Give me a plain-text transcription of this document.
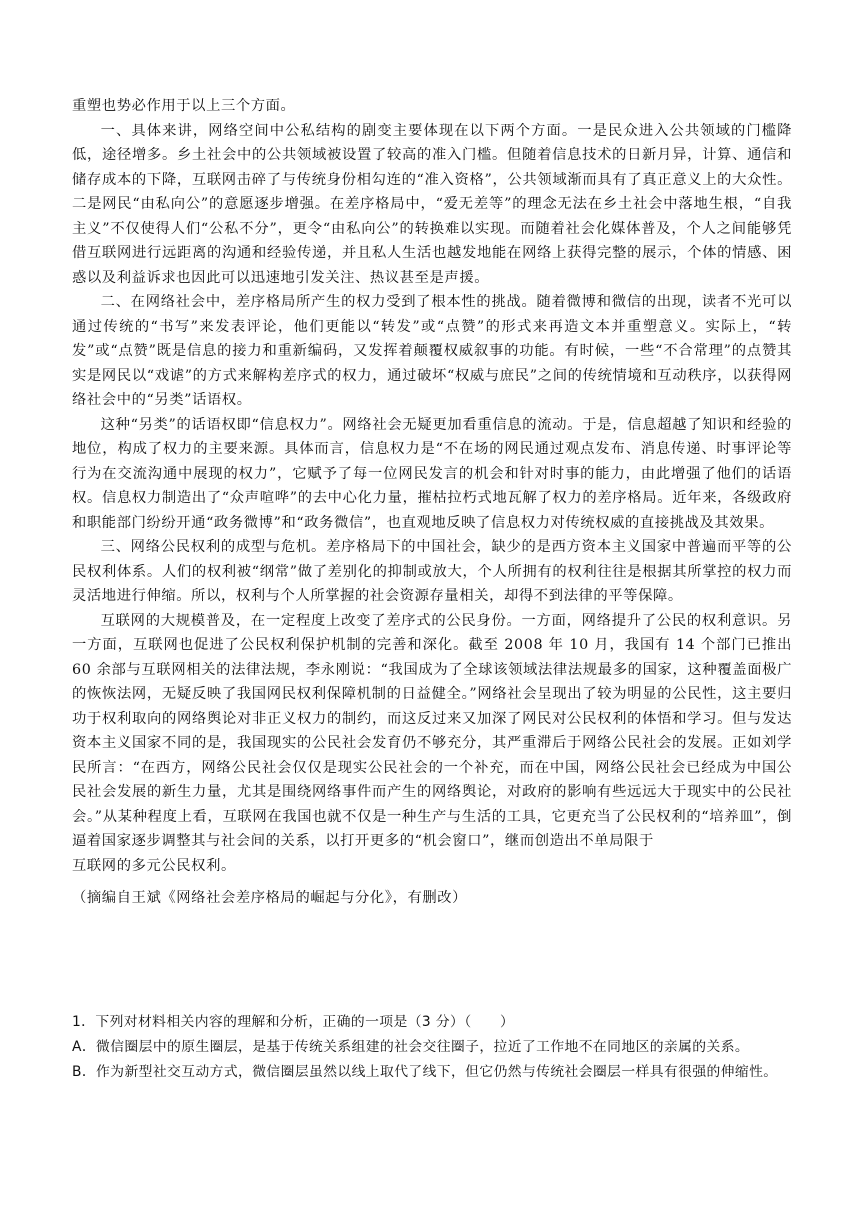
重塑也势必作用于以上三个方面。

一、具体来讲，网络空间中公私结构的剧变主要体现在以下两个方面。一是民众进入公共领域的门槛降低，途径增多。乡土社会中的公共领域被设置了较高的准入门槛。但随着信息技术的日新月异，计算、通信和储存成本的下降，互联网击碎了与传统身份相勾连的“准入资格”，公共领域渐而具有了真正意义上的大众性。二是网民“由私向公”的意愿逐步增强。在差序格局中，“爱无差等”的理念无法在乡土社会中落地生根，“自我主义”不仅使得人们“公私不分”，更令“由私向公”的转换难以实现。而随着社会化媒体普及，个人之间能够凭借互联网进行远距离的沟通和经验传递，并且私人生活也越发地能在网络上获得完整的展示，个体的情感、困惑以及利益诉求也因此可以迅速地引发关注、热议甚至是声援。

二、在网络社会中，差序格局所产生的权力受到了根本性的挑战。随着微博和微信的出现，读者不光可以通过传统的“书写”来发表评论，他们更能以“转发”或“点赞”的形式来再造文本并重塑意义。实际上，“转发”或“点赞”既是信息的接力和重新编码，又发挥着颠覆权威叙事的功能。有时候，一些“不合常理”的点赞其实是网民以“戏谑”的方式来解构差序式的权力，通过破坏“权威与庶民”之间的传统情境和互动秩序，以获得网络社会中的“另类”话语权。

这种“另类”的话语权即“信息权力”。网络社会无疑更加看重信息的流动。于是，信息超越了知识和经验的地位，构成了权力的主要来源。具体而言，信息权力是“不在场的网民通过观点发布、消息传递、时事评论等行为在交流沟通中展现的权力”，它赋予了每一位网民发言的机会和针对时事的能力，由此增强了他们的话语权。信息权力制造出了“众声喧哗”的去中心化力量，摧枯拉朽式地瓦解了权力的差序格局。近年来，各级政府和职能部门纷纷开通“政务微博”和“政务微信”，也直观地反映了信息权力对传统权威的直接挑战及其效果。

三、网络公民权利的成型与危机。差序格局下的中国社会，缺少的是西方资本主义国家中普遍而平等的公民权利体系。人们的权利被“纲常”做了差别化的抑制或放大，个人所拥有的权利往往是根据其所掌控的权力而灵活地进行伸缩。所以，权利与个人所掌握的社会资源存量相关，却得不到法律的平等保障。

互联网的大规模普及，在一定程度上改变了差序式的公民身份。一方面，网络提升了公民的权利意识。另一方面，互联网也促进了公民权利保护机制的完善和深化。截至 2008 年 10 月，我国有 14 个部门已推出 60 余部与互联网相关的法律法规，李永刚说：“我国成为了全球该领域法律法规最多的国家，这种覆盖面极广的恢恢法网，无疑反映了我国网民权利保障机制的日益健全。”网络社会呈现出了较为明显的公民性，这主要归功于权利取向的网络舆论对非正义权力的制约，而这反过来又加深了网民对公民权利的体悟和学习。但与发达资本主义国家不同的是，我国现实的公民社会发育仍不够充分，其严重滞后于网络公民社会的发展。正如刘学民所言：“在西方，网络公民社会仅仅是现实公民社会的一个补充，而在中国，网络公民社会已经成为中国公民社会发展的新生力量，尤其是围绕网络事件而产生的网络舆论，对政府的影响有些远远大于现实中的公民社会。”从某种程度上看，互联网在我国也就不仅是一种生产与生活的工具，它更充当了公民权利的“培养皿”，倒逼着国家逐步调整其与社会间的关系，以打开更多的“机会窗口”，继而创造出不单局限于

互联网的多元公民权利。

（摘编自王斌《网络社会差序格局的崛起与分化》，有删改）

1．下列对材料相关内容的理解和分析，正确的一项是（3 分）（　　）

A．微信圈层中的原生圈层，是基于传统关系组建的社会交往圈子，拉近了工作地不在同地区的亲属的关系。

B．作为新型社交互动方式，微信圈层虽然以线上取代了线下，但它仍然与传统社会圈层一样具有很强的伸缩性。
